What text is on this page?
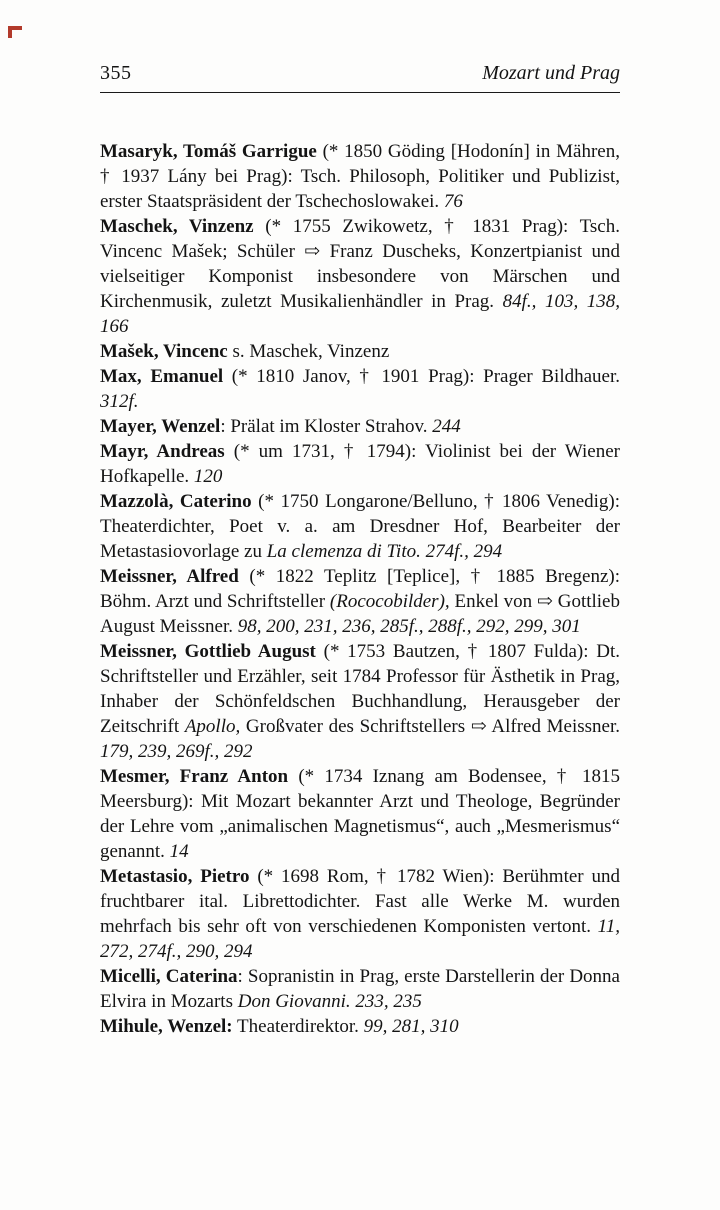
355	Mozart und Prag

Masaryk, Tomáš Garrigue (* 1850 Göding [Hodonín] in Mähren, † 1937 Lány bei Prag): Tsch. Philosoph, Politiker und Publizist, erster Staatspräsident der Tschechoslowakei. 76

Maschek, Vinzenz (* 1755 Zwikowetz, † 1831 Prag): Tsch. Vincenc Mašek; Schüler ⇨ Franz Duscheks, Konzertpianist und vielseitiger Komponist insbesondere von Märschen und Kirchenmusik, zuletzt Musikalienhändler in Prag. 84f., 103, 138, 166

Mašek, Vincenc s. Maschek, Vinzenz

Max, Emanuel (* 1810 Janov, † 1901 Prag): Prager Bildhauer. 312f.

Mayer, Wenzel: Prälat im Kloster Strahov. 244

Mayr, Andreas (* um 1731, † 1794): Violinist bei der Wiener Hofkapelle. 120

Mazzolà, Caterino (* 1750 Longarone/Belluno, † 1806 Venedig): Theaterdichter, Poet v. a. am Dresdner Hof, Bearbeiter der Metastasiovorlage zu La clemenza di Tito. 274f., 294

Meissner, Alfred (* 1822 Teplitz [Teplice], † 1885 Bregenz): Böhm. Arzt und Schriftsteller (Rococobilder), Enkel von ⇨ Gottlieb August Meissner. 98, 200, 231, 236, 285f., 288f., 292, 299, 301

Meissner, Gottlieb August (* 1753 Bautzen, † 1807 Fulda): Dt. Schriftsteller und Erzähler, seit 1784 Professor für Ästhetik in Prag, Inhaber der Schönfeldschen Buchhandlung, Herausgeber der Zeitschrift Apollo, Großvater des Schriftstellers ⇨ Alfred Meissner. 179, 239, 269f., 292

Mesmer, Franz Anton (* 1734 Iznang am Bodensee, † 1815 Meersburg): Mit Mozart bekannter Arzt und Theologe, Begründer der Lehre vom „animalischen Magnetismus“, auch „Mesmerismus“ genannt. 14

Metastasio, Pietro (* 1698 Rom, † 1782 Wien): Berühmter und fruchtbarer ital. Librettodichter. Fast alle Werke M. wurden mehrfach bis sehr oft von verschiedenen Komponisten vertont. 11, 272, 274f., 290, 294

Micelli, Caterina: Sopranistin in Prag, erste Darstellerin der Donna Elvira in Mozarts Don Giovanni. 233, 235

Mihule, Wenzel: Theaterdirektor. 99, 281, 310
